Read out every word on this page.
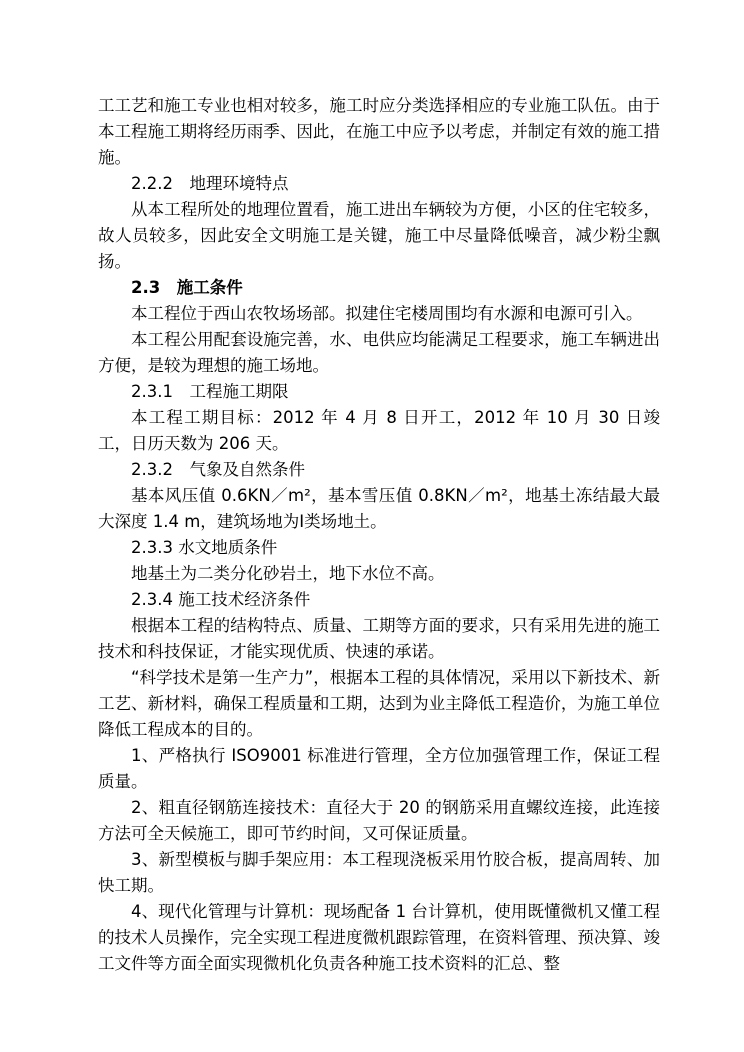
工工艺和施工专业也相对较多，施工时应分类选择相应的专业施工队伍。由于本工程施工期将经历雨季、因此，在施工中应予以考虑，并制定有效的施工措施。

2.2.2　地理环境特点

从本工程所处的地理位置看，施工进出车辆较为方便，小区的住宅较多，故人员较多，因此安全文明施工是关键，施工中尽量降低噪音，减少粉尘飘扬。

2.3　施工条件

本工程位于西山农牧场场部。拟建住宅楼周围均有水源和电源可引入。

本工程公用配套设施完善，水、电供应均能满足工程要求，施工车辆进出方便，是较为理想的施工场地。

2.3.1　工程施工期限

本工程工期目标：2012 年 4 月 8 日开工，2012 年 10 月 30 日竣工，日历天数为 206 天。

2.3.2　气象及自然条件

基本风压值 0.6KN／m²，基本雪压值 0.8KN／m²，地基土冻结最大最大深度 1.4 m，建筑场地为Ⅰ类场地土。

2.3.3 水文地质条件

地基土为二类分化砂岩土，地下水位不高。

2.3.4 施工技术经济条件

根据本工程的结构特点、质量、工期等方面的要求，只有采用先进的施工技术和科技保证，才能实现优质、快速的承诺。

“科学技术是第一生产力”，根据本工程的具体情况，采用以下新技术、新工艺、新材料，确保工程质量和工期，达到为业主降低工程造价，为施工单位降低工程成本的目的。

1、严格执行 ISO9001 标准进行管理，全方位加强管理工作，保证工程质量。

2、粗直径钢筋连接技术：直径大于 20 的钢筋采用直螺纹连接，此连接方法可全天候施工，即可节约时间，又可保证质量。

3、新型模板与脚手架应用：本工程现浇板采用竹胶合板，提高周转、加快工期。

4、现代化管理与计算机：现场配备 1 台计算机，使用既懂微机又懂工程的技术人员操作，完全实现工程进度微机跟踪管理，在资料管理、预决算、竣工文件等方面全面实现微机化负责各种施工技术资料的汇总、整
